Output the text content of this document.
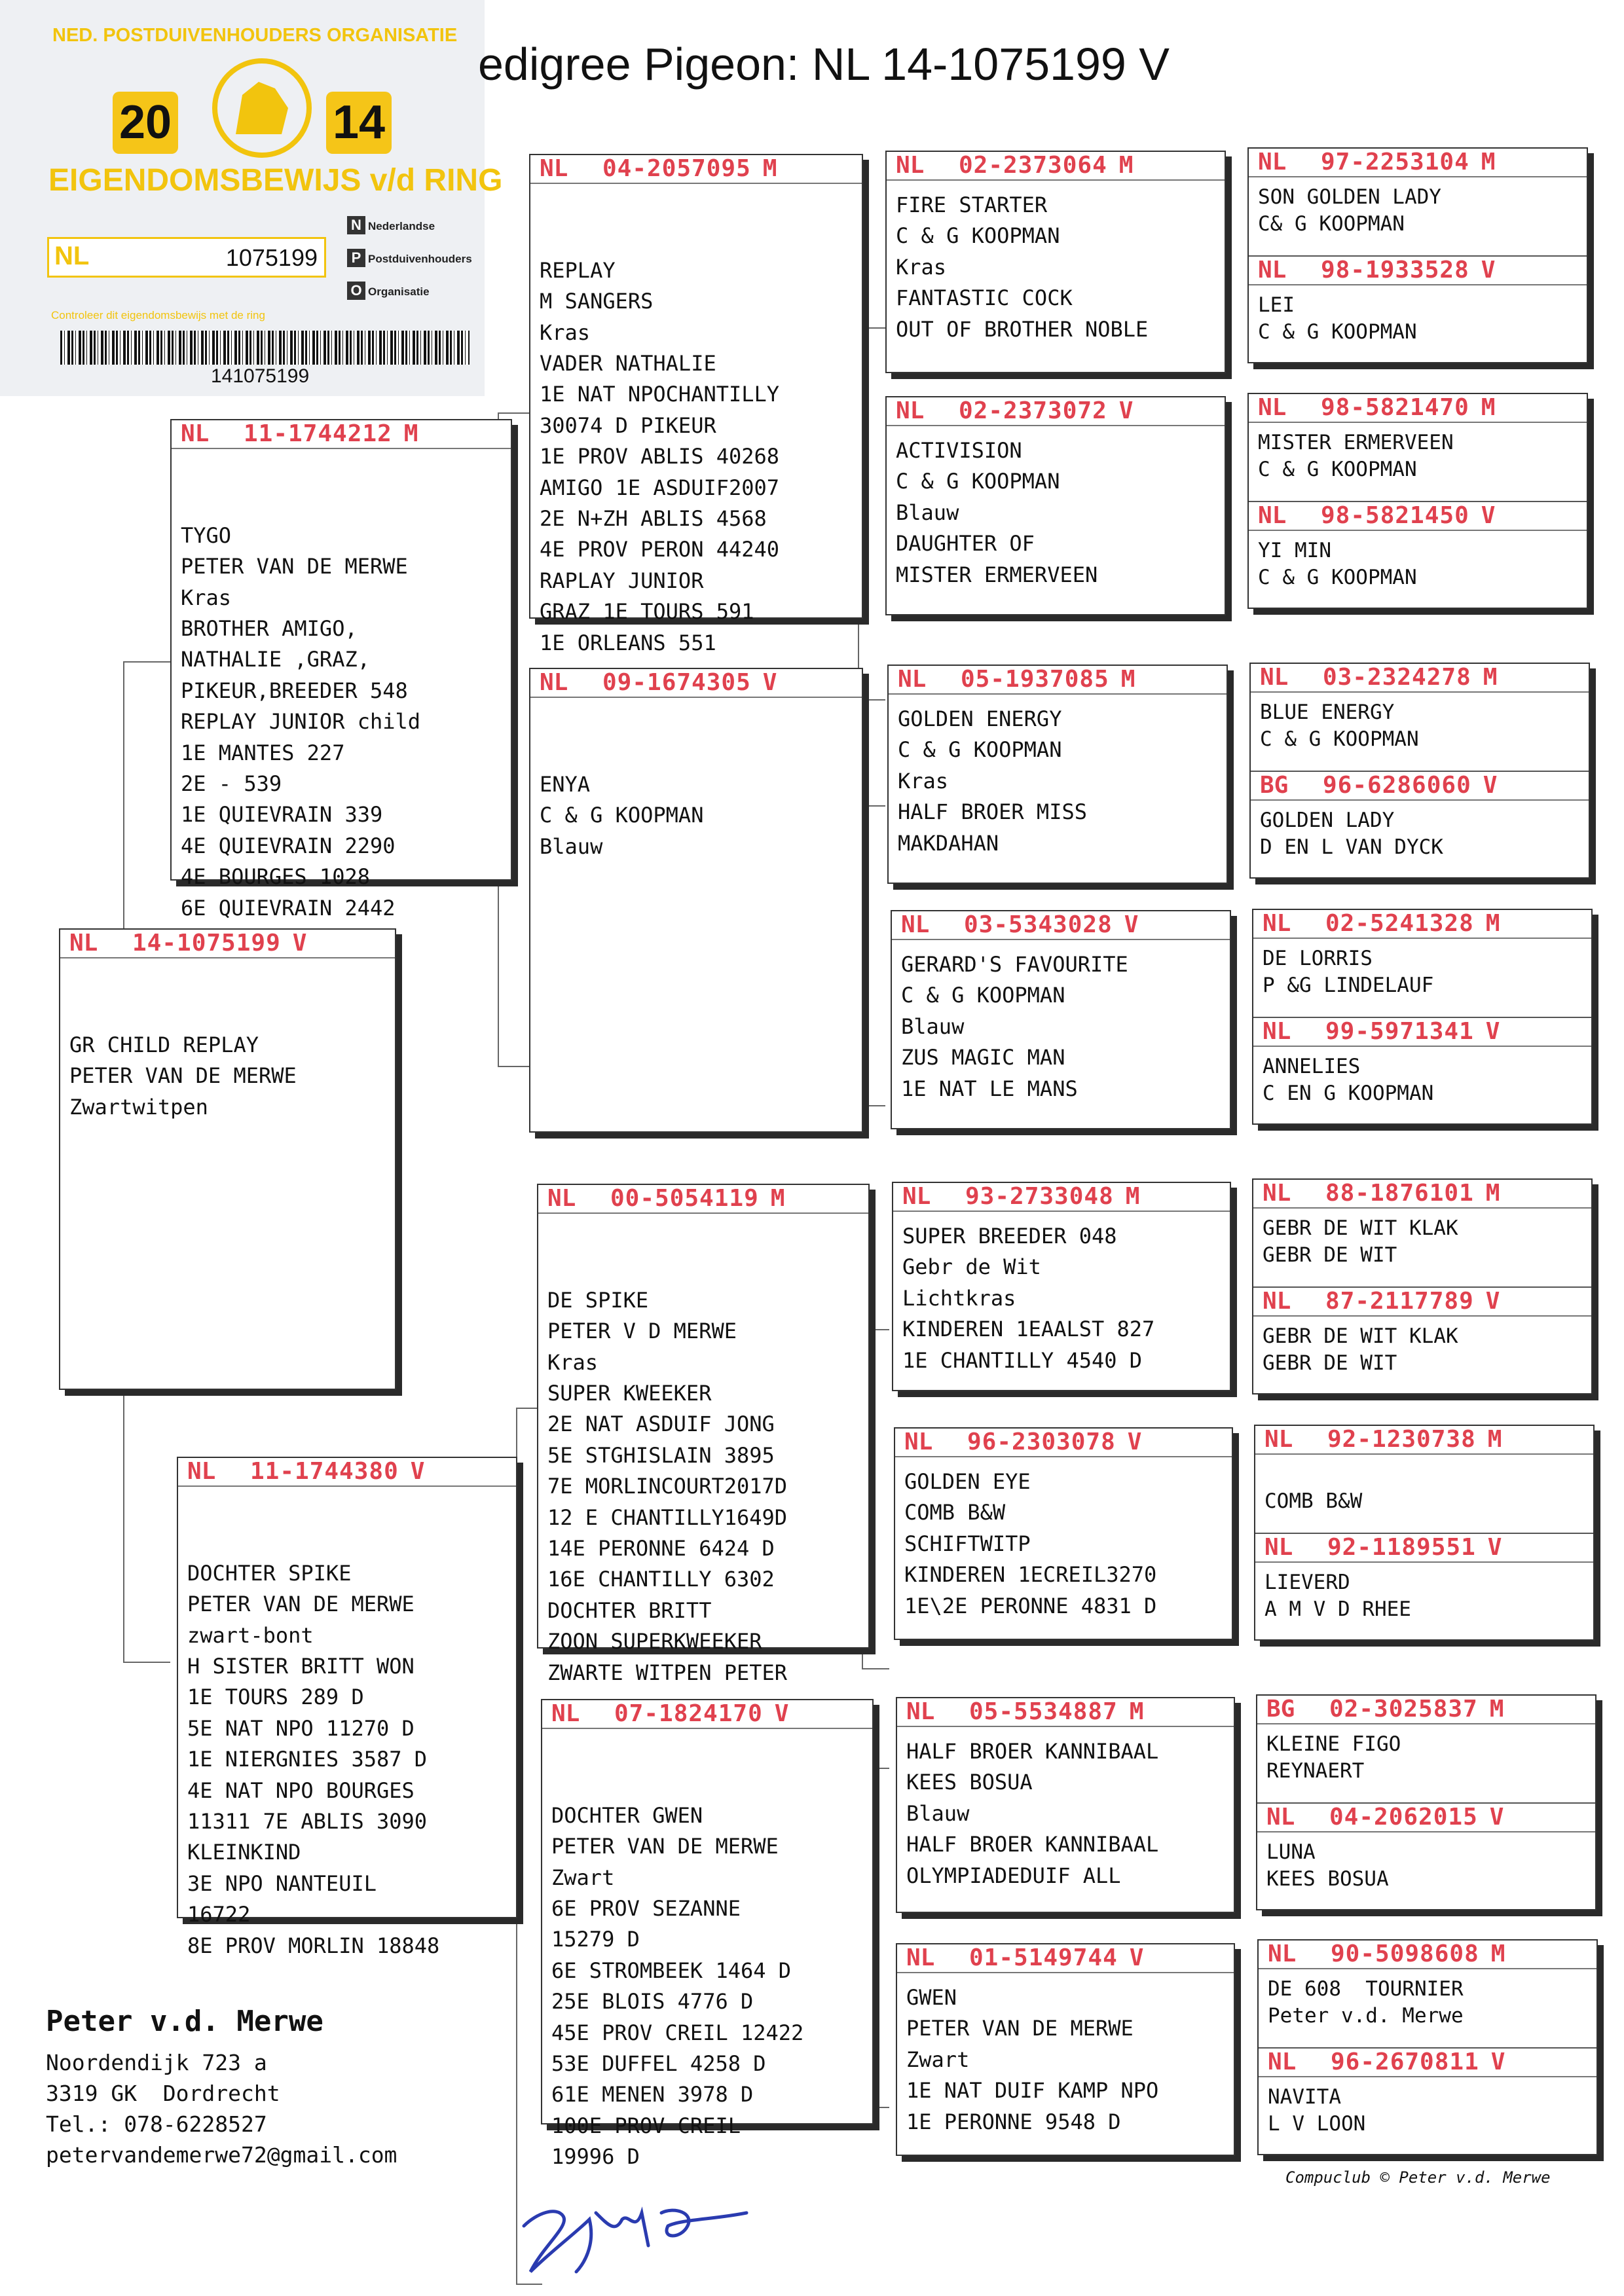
NED. POSTDUIVENHOUDERS ORGANISATIE
20	14
EIGENDOMSBEWIJS v/d RING
NL	1075199
N Nederlandse
P Postduivenhouders
O Organisatie
Controleer dit eigendomsbewijs met de ring
141075199
edigree Pigeon: NL 14-1075199 V
NL	14-1075199 V

GR CHILD REPLAY
PETER VAN DE MERWE
Zwartwitpen

NL	11-1744212 M

TYGO
PETER VAN DE MERWE
Kras
BROTHER AMIGO,
NATHALIE ,GRAZ,
PIKEUR,BREEDER 548
REPLAY JUNIOR child
1E MANTES 227
2E - 539
1E QUIEVRAIN 339
4E QUIEVRAIN 2290
4E BOURGES 1028
6E QUIEVRAIN 2442

NL	11-1744380 V

DOCHTER SPIKE
PETER VAN DE MERWE
zwart-bont
H SISTER BRITT WON
1E TOURS 289 D
5E NAT NPO 11270 D
1E NIERGNIES 3587 D
4E NAT NPO BOURGES
11311 7E ABLIS 3090
KLEINKIND
3E NPO NANTEUIL
16722
8E PROV MORLIN 18848

NL	04-2057095 M

REPLAY
M SANGERS
Kras
VADER NATHALIE
1E NAT NPOCHANTILLY
30074 D PIKEUR
1E PROV ABLIS 40268
AMIGO 1E ASDUIF2007
2E N+ZH ABLIS 4568
4E PROV PERON 44240
RAPLAY JUNIOR
GRAZ 1E TOURS 591
1E ORLEANS 551

NL	09-1674305 V

ENYA
C & G KOOPMAN
Blauw

NL	00-5054119 M

DE SPIKE
PETER V D MERWE
Kras
SUPER KWEEKER
2E NAT ASDUIF JONG
5E STGHISLAIN 3895
7E MORLINCOURT2017D
12 E CHANTILLY1649D
14E PERONNE 6424 D
16E CHANTILLY 6302
DOCHTER BRITT
ZOON SUPERKWEEKER
ZWARTE WITPEN PETER

NL	07-1824170 V

DOCHTER GWEN
PETER VAN DE MERWE
Zwart
6E PROV SEZANNE
15279 D
6E STROMBEEK 1464 D
25E BLOIS 4776 D
45E PROV CREIL 12422
53E DUFFEL 4258 D
61E MENEN 3978 D
100E PROV CREIL
19996 D

NL	02-2373064 M
FIRE STARTER
C & G KOOPMAN
Kras
FANTASTIC COCK
OUT OF BROTHER NOBLE
NL	02-2373072 V
ACTIVISION
C & G KOOPMAN
Blauw
DAUGHTER OF
MISTER ERMERVEEN
NL	05-1937085 M
GOLDEN ENERGY
C & G KOOPMAN
Kras
HALF BROER MISS
MAKDAHAN
NL	03-5343028 V
GERARD'S FAVOURITE
C & G KOOPMAN
Blauw
ZUS MAGIC MAN
1E NAT LE MANS
NL	93-2733048 M
SUPER BREEDER 048
Gebr de Wit
Lichtkras
KINDEREN 1EAALST 827
1E CHANTILLY 4540 D
NL	96-2303078 V
GOLDEN EYE
COMB B&W
SCHIFTWITP
KINDEREN 1ECREIL3270
1E\2E PERONNE 4831 D
NL	05-5534887 M
HALF BROER KANNIBAAL
KEES BOSUA
Blauw
HALF BROER KANNIBAAL
OLYMPIADEDUIF ALL
NL	01-5149744 V
GWEN
PETER VAN DE MERWE
Zwart
1E NAT DUIF KAMP NPO
1E PERONNE 9548 D
NL	97-2253104 M
SON GOLDEN LADY
C& G KOOPMAN
NL	98-1933528 V
LEI
C & G KOOPMAN
NL	98-5821470 M
MISTER ERMERVEEN
C & G KOOPMAN
NL	98-5821450 V
YI MIN
C & G KOOPMAN
NL	03-2324278 M
BLUE ENERGY
C & G KOOPMAN
BG	96-6286060 V
GOLDEN LADY
D EN L VAN DYCK
NL	02-5241328 M
DE LORRIS
P &G LINDELAUF
NL	99-5971341 V
ANNELIES
C EN G KOOPMAN
NL	88-1876101 M
GEBR DE WIT KLAK
GEBR DE WIT
NL	87-2117789 V
GEBR DE WIT KLAK
GEBR DE WIT
NL	92-1230738 M

COMB B&W
NL	92-1189551 V
LIEVERD
A M V D RHEE
BG	02-3025837 M
KLEINE FIGO
REYNAERT
NL	04-2062015 V
LUNA
KEES BOSUA
NL	90-5098608 M
DE 608  TOURNIER
Peter v.d. Merwe
NL	96-2670811 V
NAVITA
L V LOON
Peter v.d. Merwe
Noordendijk 723 a
3319 GK  Dordrecht
Tel.: 078-6228527
petervandemerwe72@gmail.com
Compuclub © Peter v.d. Merwe
